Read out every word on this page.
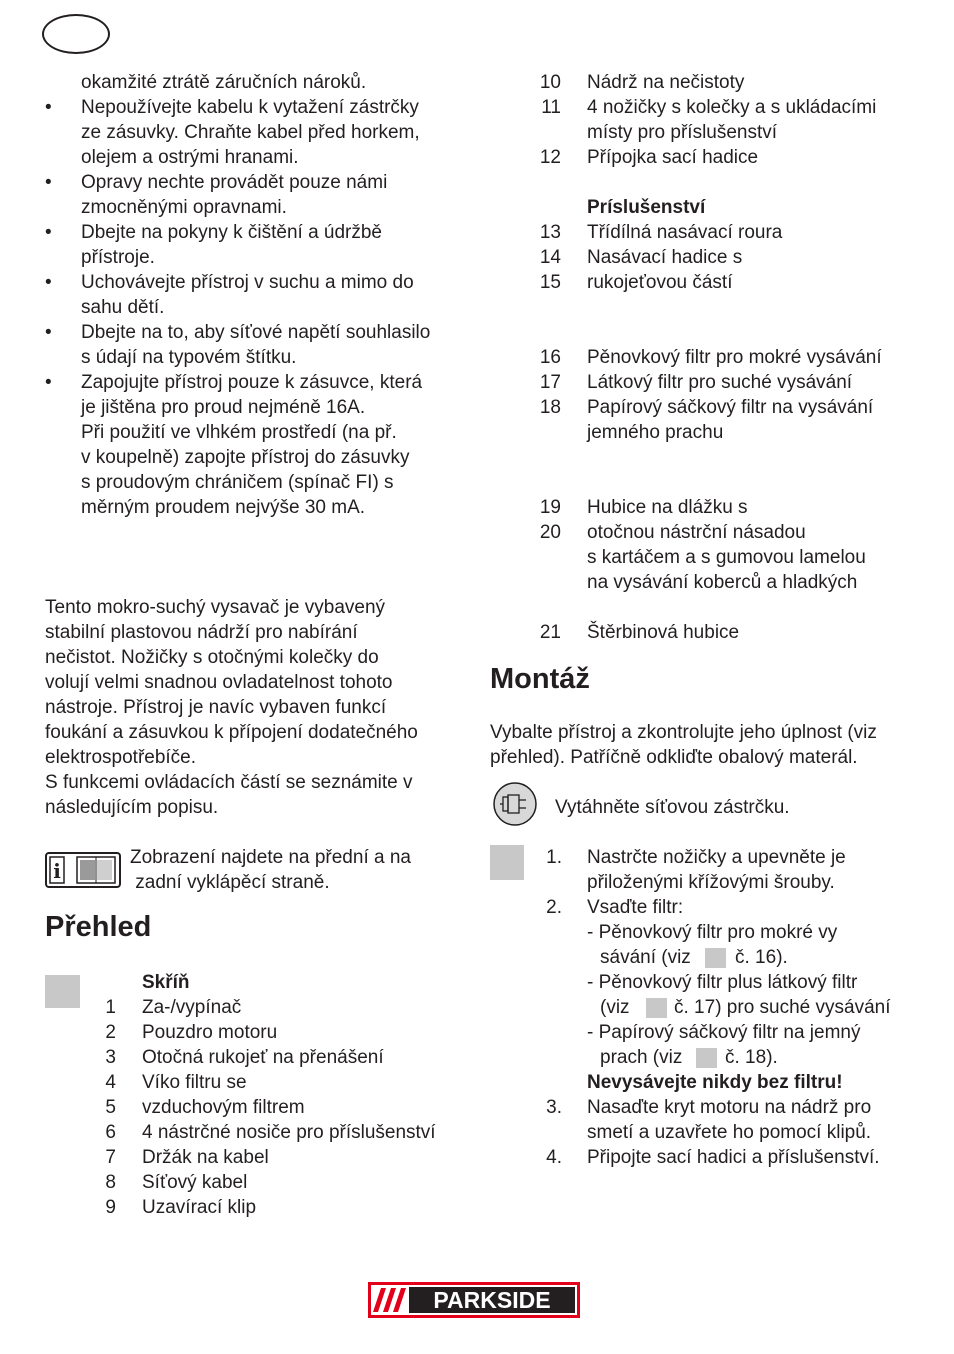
okamžité ztrátě záručních nároků.
• Nepoužívejte kabelu k vytažení zástrčky
ze zásuvky. Chraňte kabel před horkem,
olejem a ostrými hranami.
• Opravy nechte provádět pouze námi
zmocněnými opravnami.
• Dbejte na pokyny k čištění a údržbě
přístroje.
• Uchovávejte přístroj v suchu a mimo do
sahu dětí.
• Dbejte na to, aby síťové napětí souhlasilo
s údají na typovém štítku.
• Zapojujte přístroj pouze k zásuvce, která
je jištěna pro proud nejméně 16A.
Při použití ve vlhkém prostředí (na př.
v koupelně) zapojte přístroj do zásuvky
s proudovým chráničem (spínač FI) s
měrným proudem nejvýše 30 mA.
Tento mokro-suchý vysavač je vybavený
stabilní plastovou nádrží pro nabírání
nečistot. Nožičky s otočnými kolečky do
volují velmi snadnou ovladatelnost tohoto
nástroje. Přístroj je navíc vybaven funkcí
foukání a zásuvkou k přípojení dodatečného
elektrospotřebíče.
S funkcemi ovládacích částí se seznámite v
následujícím popisu.
i
Zobrazení najdete na přední a na
zadní vyklápěcí straně.
Přehled
Skříň
1 Za-/vypínač
2 Pouzdro motoru
3 Otočná rukojeť na přenášení
4 Víko filtru se
5 vzduchovým filtrem
6 4 nástrčné nosiče pro příslušenství
7 Držák na kabel
8 Síťový kabel
9 Uzavírací klip
10 Nádrž na nečistoty
11 4 nožičky s kolečky a s ukládacími
místy pro příslušenství
12 Přípojka sací hadice
Príslušenství
13 Třídílná nasávací roura
14 Nasávací hadice s
15 rukojeťovou částí
16 Pěnovkový filtr pro mokré vysávání
17 Látkový filtr pro suché vysávání
18 Papírový sáčkový filtr na vysávání
jemného prachu
19 Hubice na dlážku s
20 otočnou nástrční násadou
s kartáčem a s gumovou lamelou
na vysávání koberců a hladkých
21 Štěrbinová hubice
Montáž
Vybalte přístroj a zkontrolujte jeho úplnost (viz
přehled). Patříčně odkliďte obalový materál.
Vytáhněte síťovou zástrčku.
1. Nastrčte nožičky a upevněte je
přiloženými křížovými šrouby.
2. Vsaďte filtr:
- Pěnovkový filtr pro mokré vy
sávání (viz č. 16).
- Pěnovkový filtr plus látkový filtr
(viz č. 17) pro suché vysávání
- Papírový sáčkový filtr na jemný
prach (viz č. 18).
Nevysávejte nikdy bez filtru!
3. Nasaďte kryt motoru na nádrž pro
smetí a uzavřete ho pomocí klipů.
4. Připojte sací hadici a příslušenství.
PARKSIDE
